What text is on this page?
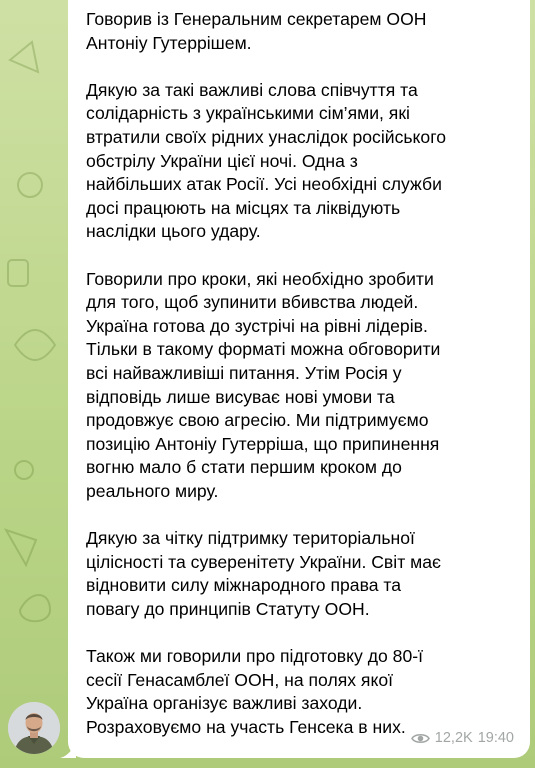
Говорив із Генеральним секретарем ООН
Антоніу Гутеррішем.

Дякую за такі важливі слова співчуття та
солідарність з українськими сім’ями, які
втратили своїх рідних унаслідок російського
обстрілу України цієї ночі. Одна з
найбільших атак Росії. Усі необхідні служби
досі працюють на місцях та ліквідують
наслідки цього удару.

Говорили про кроки, які необхідно зробити
для того, щоб зупинити вбивства людей.
Україна готова до зустрічі на рівні лідерів.
Тільки в такому форматі можна обговорити
всі найважливіші питання. Утім Росія у
відповідь лише висуває нові умови та
продовжує свою агресію. Ми підтримуємо
позицію Антоніу Гутерріша, що припинення
вогню мало б стати першим кроком до
реального миру.

Дякую за чітку підтримку територіальної
цілісності та суверенітету України. Світ має
відновити силу міжнародного права та
повагу до принципів Статуту ООН.

Також ми говорили про підготовку до 80-ї
сесії Генасамблеї ООН, на полях якої
Україна організує важливі заходи.
Розраховуємо на участь Генсека в них.

12,2K 19:40
